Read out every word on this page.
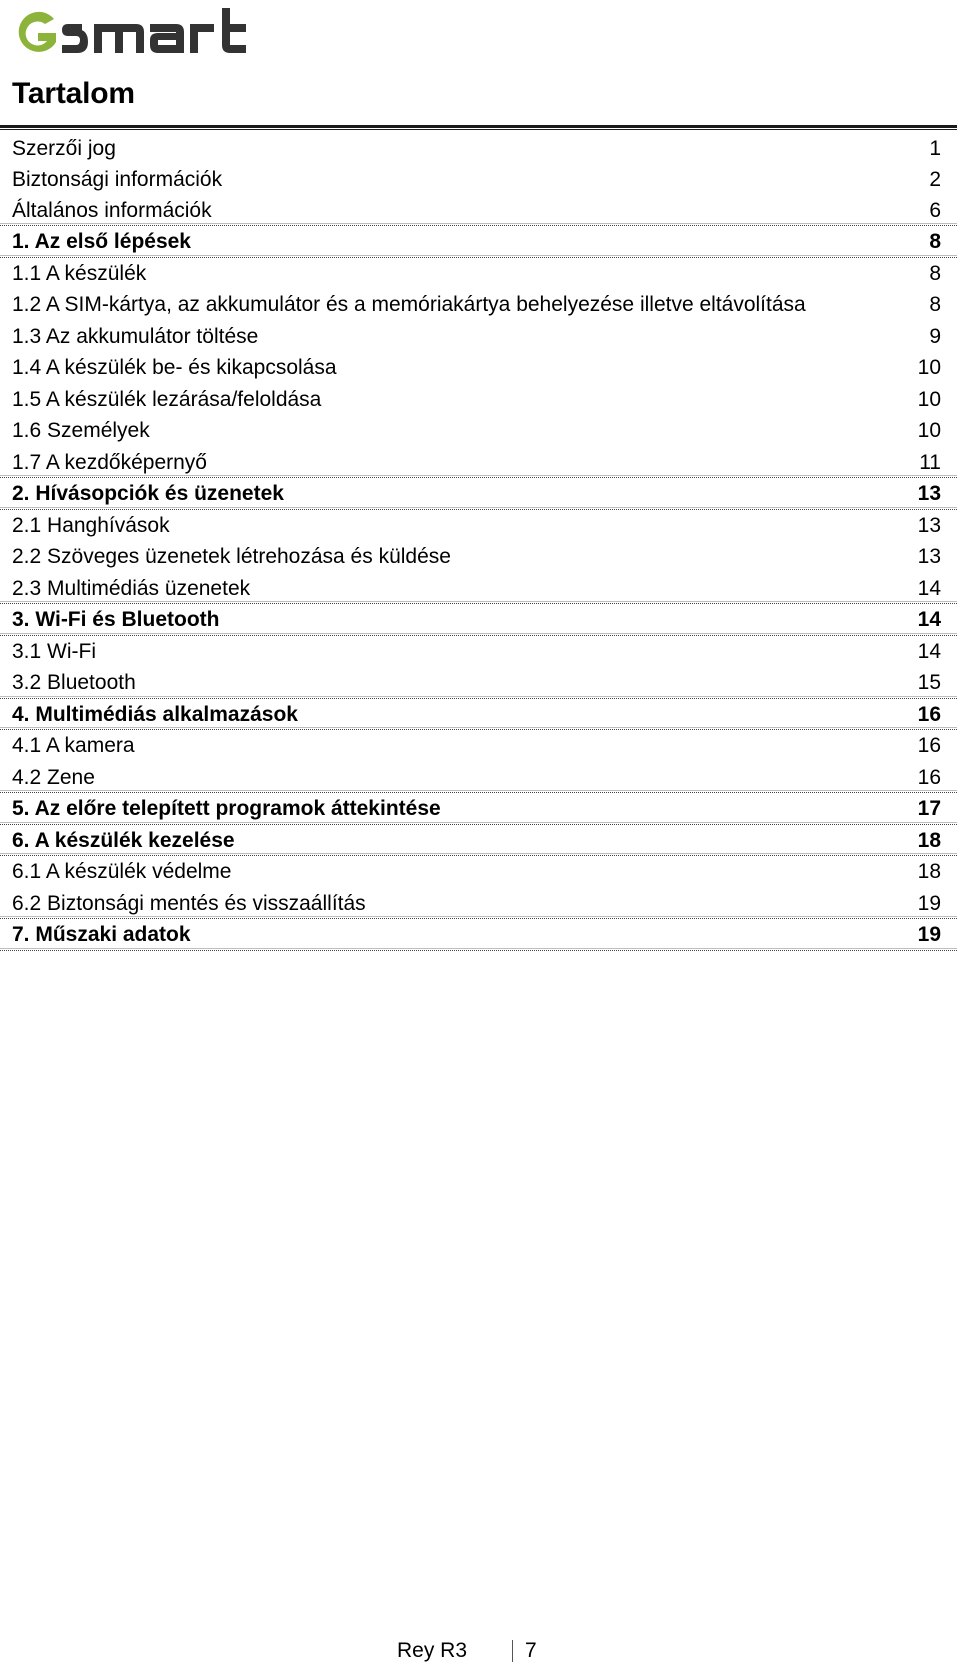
GSmart
Tartalom
Szerzői jog	1
Biztonsági információk	2
Általános információk	6
1. Az első lépések	8
1.1 A készülék	8
1.2 A SIM-kártya, az akkumulátor és a memóriakártya behelyezése illetve eltávolítása	8
1.3 Az akkumulátor töltése	9
1.4 A készülék be- és kikapcsolása	10
1.5 A készülék lezárása/feloldása	10
1.6 Személyek	10
1.7 A kezdőképernyő	11
2. Hívásopciók és üzenetek	13
2.1 Hanghívások	13
2.2 Szöveges üzenetek létrehozása és küldése	13
2.3 Multimédiás üzenetek	14
3. Wi-Fi és Bluetooth	14
3.1 Wi-Fi	14
3.2 Bluetooth	15
4. Multimédiás alkalmazások	16
4.1 A kamera	16
4.2 Zene	16
5. Az előre telepített programok áttekintése	17
6. A készülék kezelése	18
6.1 A készülék védelme	18
6.2 Biztonsági mentés és visszaállítás	19
7. Műszaki adatok	19
Rey R3	7
